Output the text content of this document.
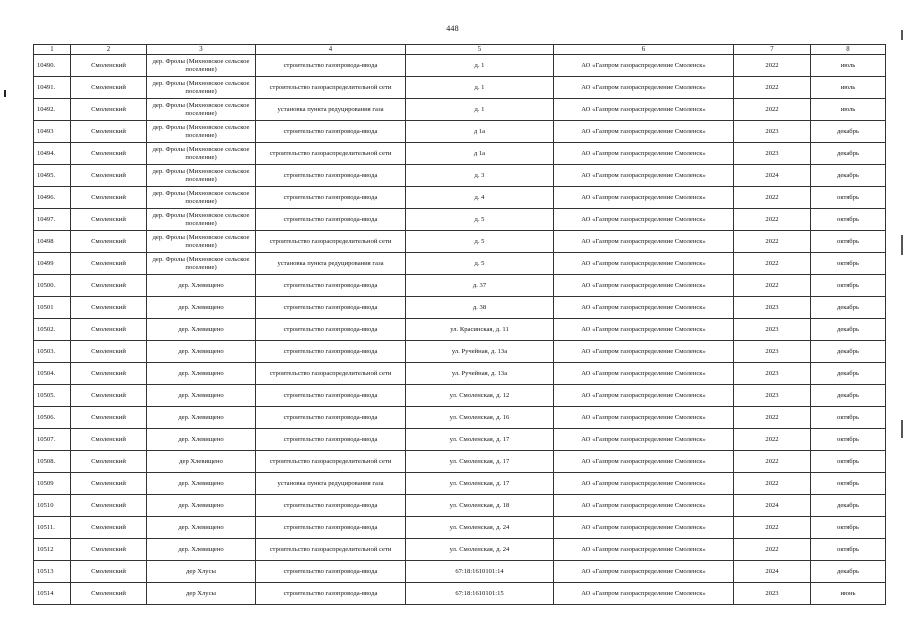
448
1	2	3	4	5	6	7	8
10490.	Смоленский	дер. Фролы (Михновское сельское поселение)	строительство газопровода-ввода	д. 1	АО «Газпром газораспределение Смоленск»	2022	июль
10491.	Смоленский	дер. Фролы (Михновское сельское поселение)	строительство газораспределительной сети	д. 1	АО «Газпром газораспределение Смоленск»	2022	июль
10492.	Смоленский	дер. Фролы (Михновское сельское поселение)	установка пункта редуцирования газа	д. 1	АО «Газпром газораспределение Смоленск»	2022	июль
10493	Смоленский	дер. Фролы (Михновское сельское поселение)	строительство газопровода-ввода	д 1а	АО «Газпром газораспределение Смоленск»	2023	декабрь
10494.	Смоленский	дер. Фролы (Михновское сельское поселение)	строительство газораспределительной сети	д 1а	АО «Газпром газораспределение Смоленск»	2023	декабрь
10495.	Смоленский	дер. Фролы (Михновское сельское поселение)	строительство газопровода-ввода	д. 3	АО «Газпром газораспределение Смоленск»	2024	декабрь
10496.	Смоленский	дер. Фролы (Михновское сельское поселение)	строительство газопровода-ввода	д. 4	АО «Газпром газораспределение Смоленск»	2022	октябрь
10497.	Смоленский	дер. Фролы (Михновское сельское поселение)	строительство газопровода-ввода	д. 5	АО «Газпром газораспределение Смоленск»	2022	октябрь
10498	Смоленский	дер. Фролы (Михновское сельское поселение)	строительство газораспределительной сети	д. 5	АО «Газпром газораспределение Смоленск»	2022	октябрь
10499	Смоленский	дер. Фролы (Михновское сельское поселение)	установка пункта редуцирования газа	д. 5	АО «Газпром газораспределение Смоленск»	2022	октябрь
10500.	Смоленский	дер. Хлевищено	строительство газопровода-ввода	д. 37	АО «Газпром газораспределение Смоленск»	2022	октябрь
10501	Смоленский	дер. Хлевищено	строительство газопровода-ввода	д. 38	АО «Газпром газораспределение Смоленск»	2023	декабрь
10502.	Смоленский	дер. Хлевищено	строительство газопровода-ввода	ул. Красинская, д. 11	АО «Газпром газораспределение Смоленск»	2023	декабрь
10503.	Смоленский	дер. Хлевищено	строительство газопровода-ввода	ул. Ручейная, д. 13а	АО «Газпром газораспределение Смоленск»	2023	декабрь
10504.	Смоленский	дер. Хлевищено	строительство газораспределительной сети	ул. Ручейная, д. 13а	АО «Газпром газораспределение Смоленск»	2023	декабрь
10505.	Смоленский	дер. Хлевищено	строительство газопровода-ввода	ул. Смоленская, д. 12	АО «Газпром газораспределение Смоленск»	2023	декабрь
10506.	Смоленский	дер. Хлевищено	строительство газопровода-ввода	ул. Смоленская, д. 16	АО «Газпром газораспределение Смоленск»	2022	октябрь
10507.	Смоленский	дер. Хлевищено	строительство газопровода-ввода	ул. Смоленская, д. 17	АО «Газпром газораспределение Смоленск»	2022	октябрь
10508.	Смоленский	дер Хлевищено	строительство газораспределительной сети	ул. Смоленская, д. 17	АО «Газпром газораспределение Смоленск»	2022	октябрь
10509	Смоленский	дер. Хлевищено	установка пункта редуцирования газа	ул. Смоленская, д. 17	АО «Газпром газораспределение Смоленск»	2022	октябрь
10510	Смоленский	дер. Хлевищено	строительство газопровода-ввода	ул. Смоленская, д. 18	АО «Газпром газораспределение Смоленск»	2024	декабрь
10511.	Смоленский	дер. Хлевищено	строительство газопровода-ввода	ул. Смоленская, д. 24	АО «Газпром газораспределение Смоленск»	2022	октябрь
10512	Смоленский	дер. Хлевищено	строительство газораспределительной сети	ул. Смоленская, д. 24	АО «Газпром газораспределение Смоленск»	2022	октябрь
10513	Смоленский	дер Хлусы	строительство газопровода-ввода	67:18:1610101:14	АО «Газпром газораспределение Смоленск»	2024	декабрь
10514	Смоленский	дер Хлусы	строительство газопровода-ввода	67:18:1610101:15	АО «Газпром газораспределение Смоленск»	2023	июнь
